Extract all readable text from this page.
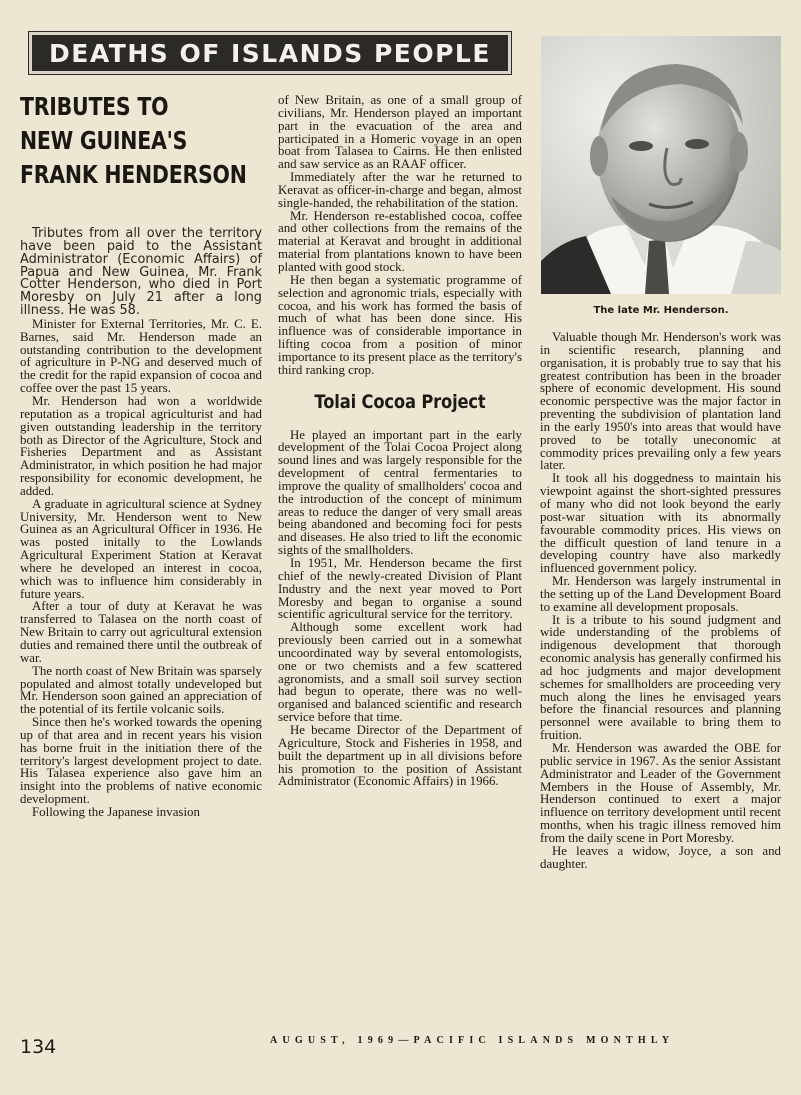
DEATHS OF ISLANDS PEOPLE
TRIBUTES TO
NEW GUINEA'S
FRANK HENDERSON

Tributes from all over the territory have been paid to the Assistant Administrator (Economic Affairs) of Papua and New Guinea, Mr. Frank Cotter Henderson, who died in Port Moresby on July 21 after a long illness. He was 58.

Minister for External Territories, Mr. C. E. Barnes, said Mr. Henderson made an outstanding contribution to the development of agriculture in P-NG and deserved much of the credit for the rapid expansion of cocoa and coffee over the past 15 years.

Mr. Henderson had won a worldwide reputation as a tropical agriculturist and had given outstanding leadership in the territory both as Director of the Agriculture, Stock and Fisheries Department and as Assistant Administrator, in which position he had major responsibility for economic development, he added.

A graduate in agricultural science at Sydney University, Mr. Henderson went to New Guinea as an Agricultural Officer in 1936. He was posted initally to the Lowlands Agricultural Experiment Station at Keravat where he developed an interest in cocoa, which was to influence him considerably in future years.

After a tour of duty at Keravat he was transferred to Talasea on the north coast of New Britain to carry out agricultural extension duties and remained there until the outbreak of war.

The north coast of New Britain was sparsely populated and almost totally undeveloped but Mr. Henderson soon gained an appreciation of the potential of its fertile volcanic soils.

Since then he's worked towards the opening up of that area and in recent years his vision has borne fruit in the initiation there of the territory's largest development project to date. His Talasea experience also gave him an insight into the problems of native economic development.

Following the Japanese invasion

of New Britain, as one of a small group of civilians, Mr. Henderson played an important part in the evacuation of the area and participated in a Homeric voyage in an open boat from Talasea to Cairns. He then enlisted and saw service as an RAAF officer.

Immediately after the war he returned to Keravat as officer-in-charge and began, almost single-handed, the rehabilitation of the station.

Mr. Henderson re-established cocoa, coffee and other collections from the remains of the material at Keravat and brought in additional material from plantations known to have been planted with good stock.

He then began a systematic programme of selection and agronomic trials, especially with cocoa, and his work has formed the basis of much of what has been done since. His influence was of considerable importance in lifting cocoa from a position of minor importance to its present place as the territory's third ranking crop.

Tolai Cocoa Project

He played an important part in the early development of the Tolai Cocoa Project along sound lines and was largely responsible for the development of central fermentaries to improve the quality of smallholders' cocoa and the introduction of the concept of minimum areas to reduce the danger of very small areas being abandoned and becoming foci for pests and diseases. He also tried to lift the economic sights of the smallholders.

In 1951, Mr. Henderson became the first chief of the newly-created Division of Plant Industry and the next year moved to Port Moresby and began to organise a sound scientific agricultural service for the territory.

Although some excellent work had previously been carried out in a somewhat uncoordinated way by several entomologists, one or two chemists and a few scattered agronomists, and a small soil survey section had begun to operate, there was no well-organised and balanced scientific and research service before that time.

He became Director of the Department of Agriculture, Stock and Fisheries in 1958, and built the department up in all divisions before his promotion to the position of Assistant Administrator (Economic Affairs) in 1966.

The late Mr. Henderson.

Valuable though Mr. Henderson's work was in scientific research, planning and organisation, it is probably true to say that his greatest contribution has been in the broader sphere of economic development. His sound economic perspective was the major factor in preventing the subdivision of plantation land in the early 1950's into areas that would have proved to be totally uneconomic at commodity prices prevailing only a few years later.

It took all his doggedness to maintain his viewpoint against the short-sighted pressures of many who did not look beyond the early post-war situation with its abnormally favourable commodity prices. His views on the difficult question of land tenure in a developing country have also markedly influenced government policy.

Mr. Henderson was largely instrumental in the setting up of the Land Development Board to examine all development proposals.

It is a tribute to his sound judgment and wide understanding of the problems of indigenous development that thorough economic analysis has generally confirmed his ad hoc judgments and major development schemes for smallholders are proceeding very much along the lines he envisaged years before the financial resources and planning personnel were available to bring them to fruition.

Mr. Henderson was awarded the OBE for public service in 1967. As the senior Assistant Administrator and Leader of the Government Members in the House of Assembly, Mr. Henderson continued to exert a major influence on territory development until recent months, when his tragic illness removed him from the daily scene in Port Moresby.

He leaves a widow, Joyce, a son and daughter.

134	AUGUST, 1969—PACIFIC ISLANDS MONTHLY
